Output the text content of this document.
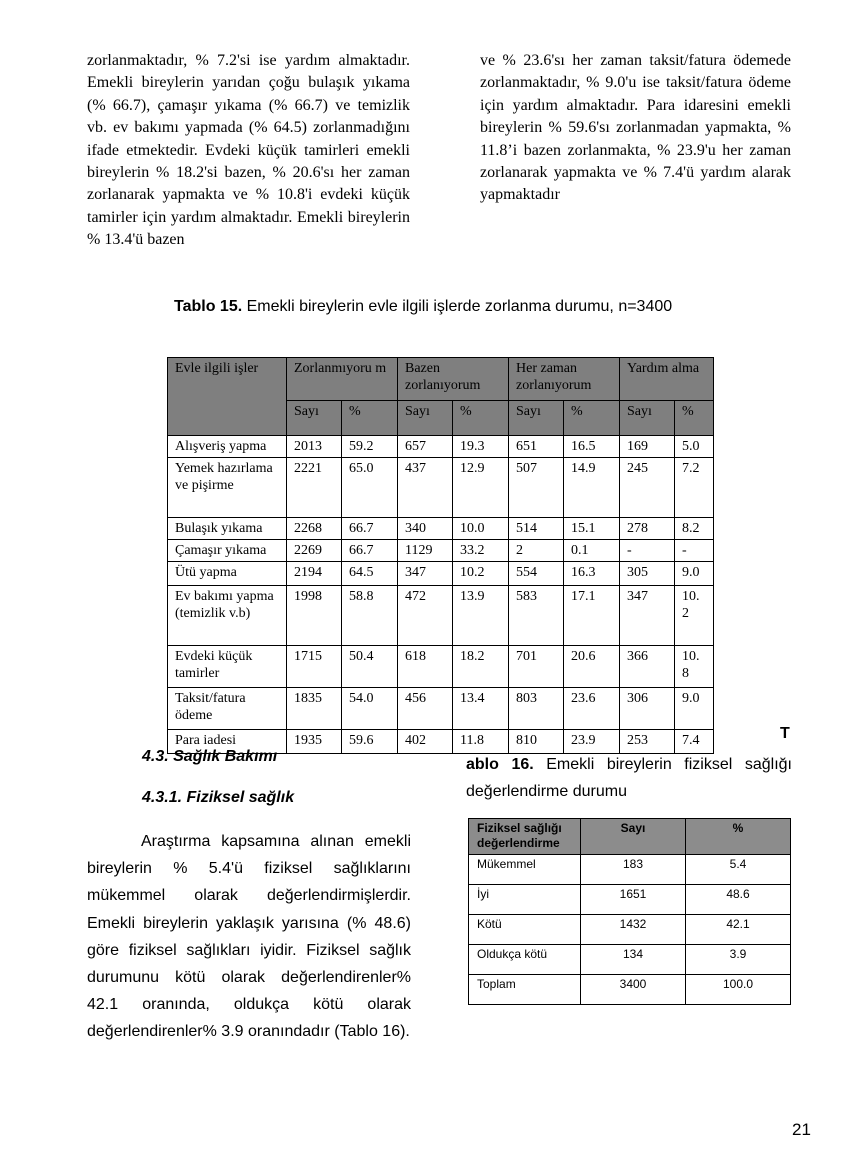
zorlanmaktadır, % 7.2'si ise yardım almaktadır. Emekli bireylerin yarıdan çoğu bulaşık yıkama (% 66.7), çamaşır yıkama (% 66.7) ve temizlik vb. ev bakımı yapmada (% 64.5) zorlanmadığını ifade etmektedir. Evdeki küçük tamirleri emekli bireylerin % 18.2'si bazen, % 20.6'sı her zaman zorlanarak yapmakta ve % 10.8'i evdeki küçük tamirler için yardım almaktadır. Emekli bireylerin % 13.4'ü bazen
ve % 23.6'sı her zaman taksit/fatura ödemede zorlanmaktadır, % 9.0'u ise taksit/fatura ödeme için yardım almaktadır. Para idaresini emekli bireylerin % 59.6'sı zorlanmadan yapmakta, % 11.8’i bazen zorlanmakta, % 23.9'u her zaman zorlanarak yapmakta ve % 7.4'ü yardım alarak yapmaktadır
Tablo 15. Emekli bireylerin evle ilgili işlerde zorlanma durumu, n=3400
Evle ilgili işler	Zorlanmıyoru m		Bazen zorlanıyorum		Her zaman zorlanıyorum		Yardım alma	
	Sayı	%	Sayı	%	Sayı	%	Sayı	%
Alışveriş yapma	2013	59.2	657	19.3	651	16.5	169	5.0
Yemek hazırlama ve pişirme	2221	65.0	437	12.9	507	14.9	245	7.2
Bulaşık yıkama	2268	66.7	340	10.0	514	15.1	278	8.2
Çamaşır yıkama	2269	66.7	1129	33.2	2	0.1	-	-
Ütü yapma	2194	64.5	347	10.2	554	16.3	305	9.0
Ev bakımı yapma (temizlik v.b)	1998	58.8	472	13.9	583	17.1	347	10. 2
Evdeki küçük tamirler	1715	50.4	618	18.2	701	20.6	366	10. 8
Taksit/fatura ödeme	1835	54.0	456	13.4	803	23.6	306	9.0
Para iadesi	1935	59.6	402	11.8	810	23.9	253	7.4
4.3. Sağlık Bakımı
4.3.1. Fiziksel sağlık
Araştırma kapsamına alınan emekli bireylerin % 5.4'ü fiziksel sağlıklarını mükemmel olarak değerlendirmişlerdir. Emekli bireylerin yaklaşık yarısına (% 48.6) göre fiziksel sağlıkları iyidir. Fiziksel sağlık durumunu kötü olarak değerlendirenler% 42.1 oranında, oldukça kötü olarak değerlendirenler% 3.9 oranındadır (Tablo 16).
T
ablo 16. Emekli bireylerin fiziksel sağlığı değerlendirme durumu
Fiziksel sağlığı değerlendirme	Sayı	%
Mükemmel	183	5.4
İyi	1651	48.6
Kötü	1432	42.1
Oldukça kötü	134	3.9
Toplam	3400	100.0
21
